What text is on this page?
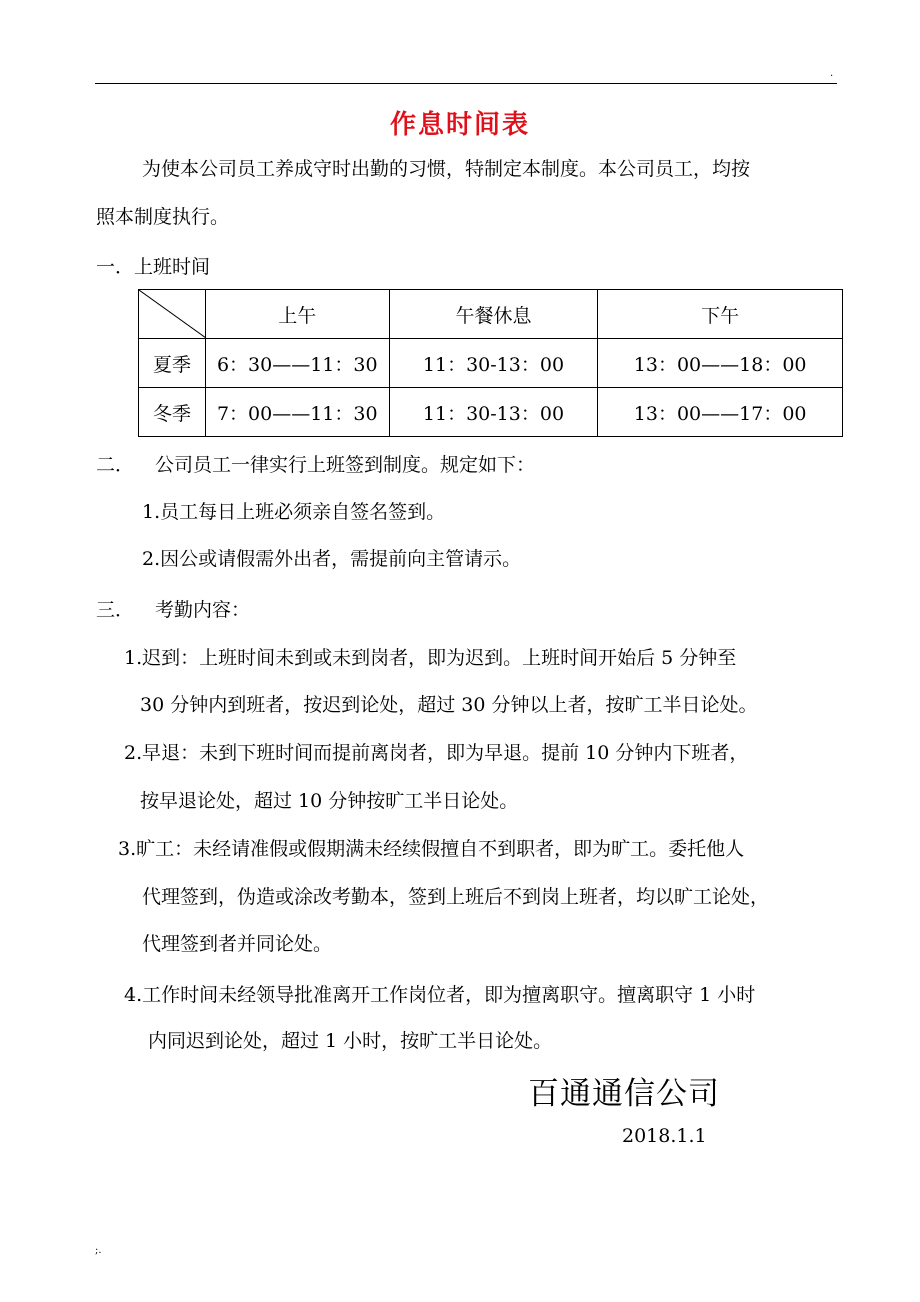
.
作息时间表
为使本公司员工养成守时出勤的习惯，特制定本制度。本公司员工，均按
照本制度执行。
一．上班时间
	上午	午餐休息	下午
夏季	6：30——11：30	11：30-13：00	13：00——18：00
冬季	7：00——11：30	11：30-13：00	13：00——17：00
二． 公司员工一律实行上班签到制度。规定如下：
1.员工每日上班必须亲自签名签到。
2.因公或请假需外出者，需提前向主管请示。
三． 考勤内容：
1.迟到：上班时间未到或未到岗者，即为迟到。上班时间开始后 5 分钟至
30 分钟内到班者，按迟到论处，超过 30 分钟以上者，按旷工半日论处。
2.早退：未到下班时间而提前离岗者，即为早退。提前 10 分钟内下班者，
按早退论处，超过 10 分钟按旷工半日论处。
3.旷工：未经请准假或假期满未经续假擅自不到职者，即为旷工。委托他人
代理签到，伪造或涂改考勤本，签到上班后不到岗上班者，均以旷工论处，
代理签到者并同论处。
4.工作时间未经领导批准离开工作岗位者，即为擅离职守。擅离职守 1 小时
内同迟到论处，超过 1 小时，按旷工半日论处。
百通通信公司
2018.1.1
;.
